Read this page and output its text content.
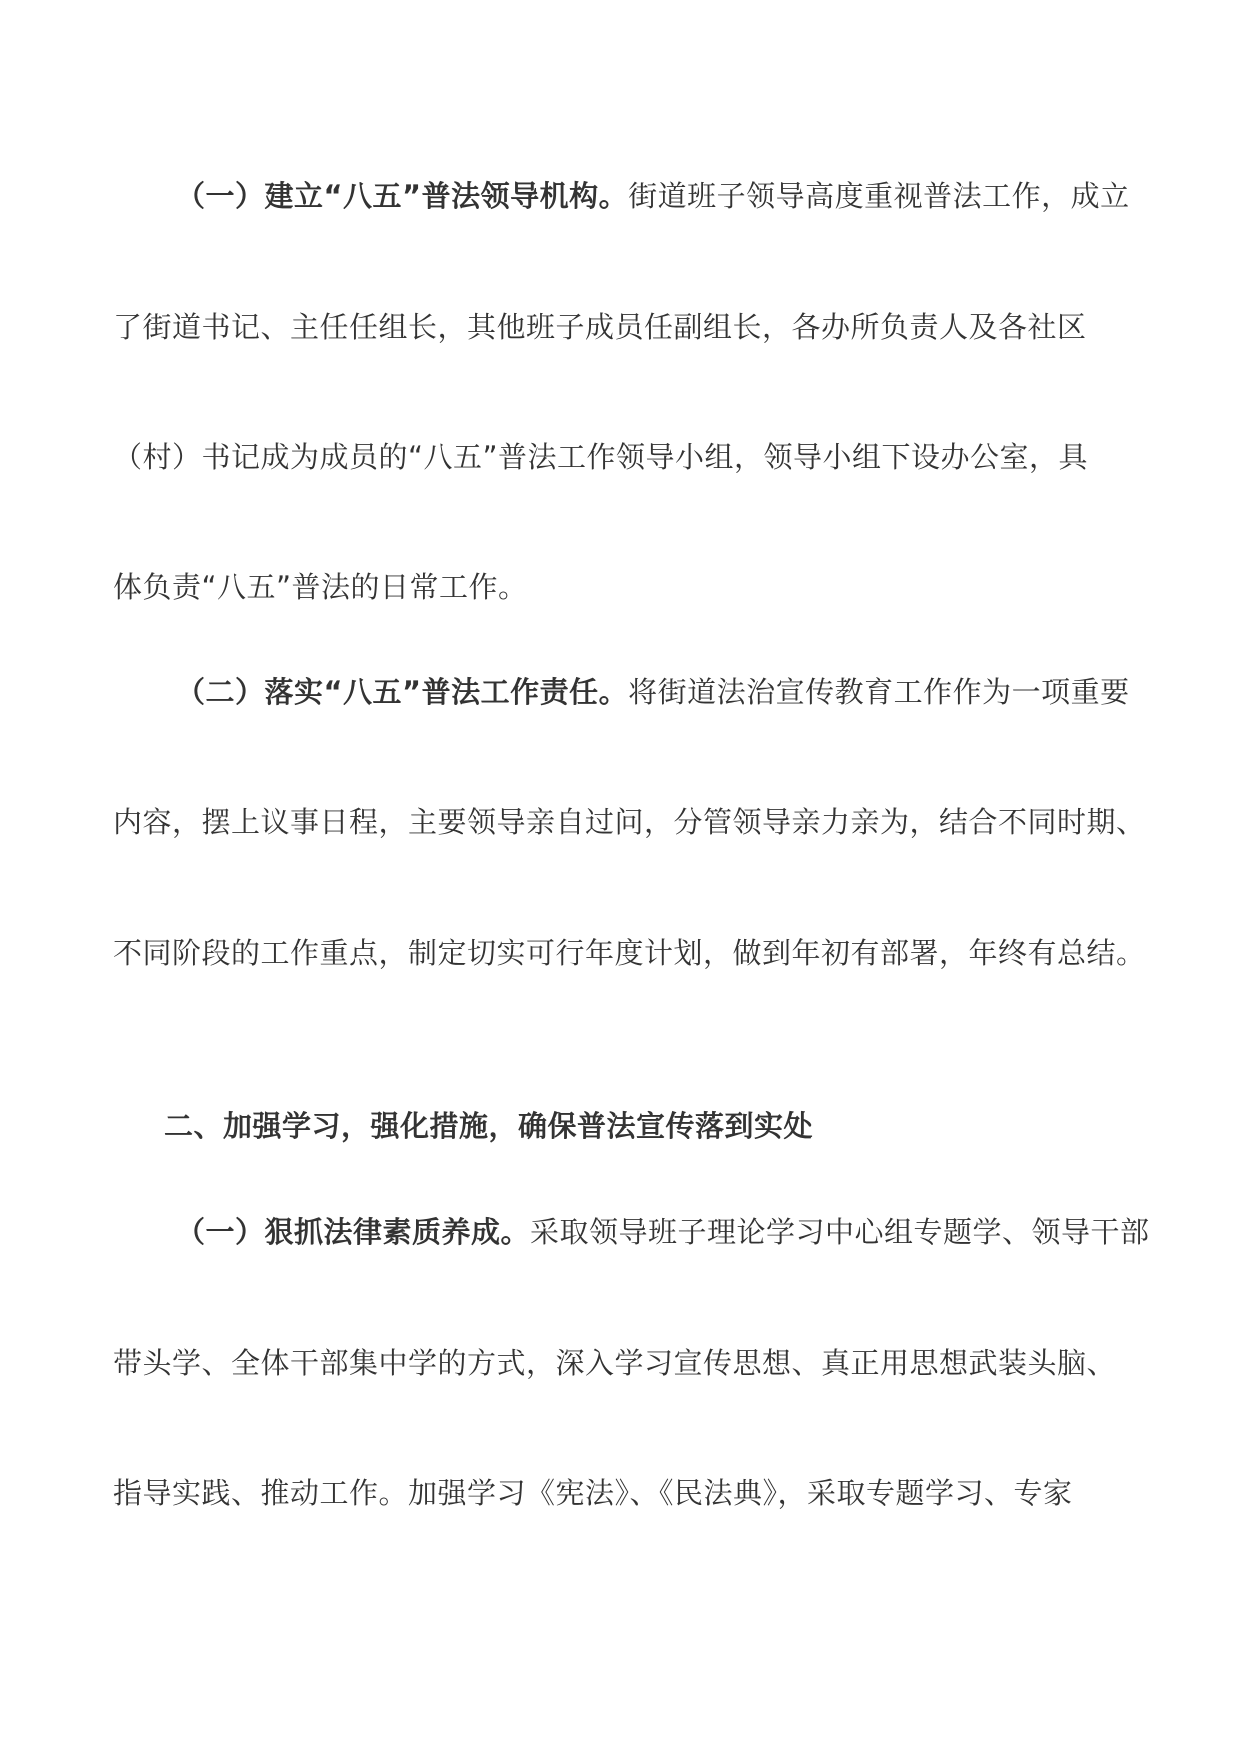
（一）建立“八五”普法领导机构。街道班子领导高度重视普法工作，成立
了街道书记、主任任组长，其他班子成员任副组长，各办所负责人及各社区
（村）书记成为成员的“八五”普法工作领导小组，领导小组下设办公室，具
体负责“八五”普法的日常工作。
（二）落实“八五”普法工作责任。将街道法治宣传教育工作作为一项重要
内容，摆上议事日程，主要领导亲自过问，分管领导亲力亲为，结合不同时期、
不同阶段的工作重点，制定切实可行年度计划，做到年初有部署，年终有总结。
二、加强学习，强化措施，确保普法宣传落到实处
（一）狠抓法律素质养成。采取领导班子理论学习中心组专题学、领导干部
带头学、全体干部集中学的方式，深入学习宣传思想、真正用思想武装头脑、
指导实践、推动工作。加强学习《宪法》、《民法典》，采取专题学习、专家
